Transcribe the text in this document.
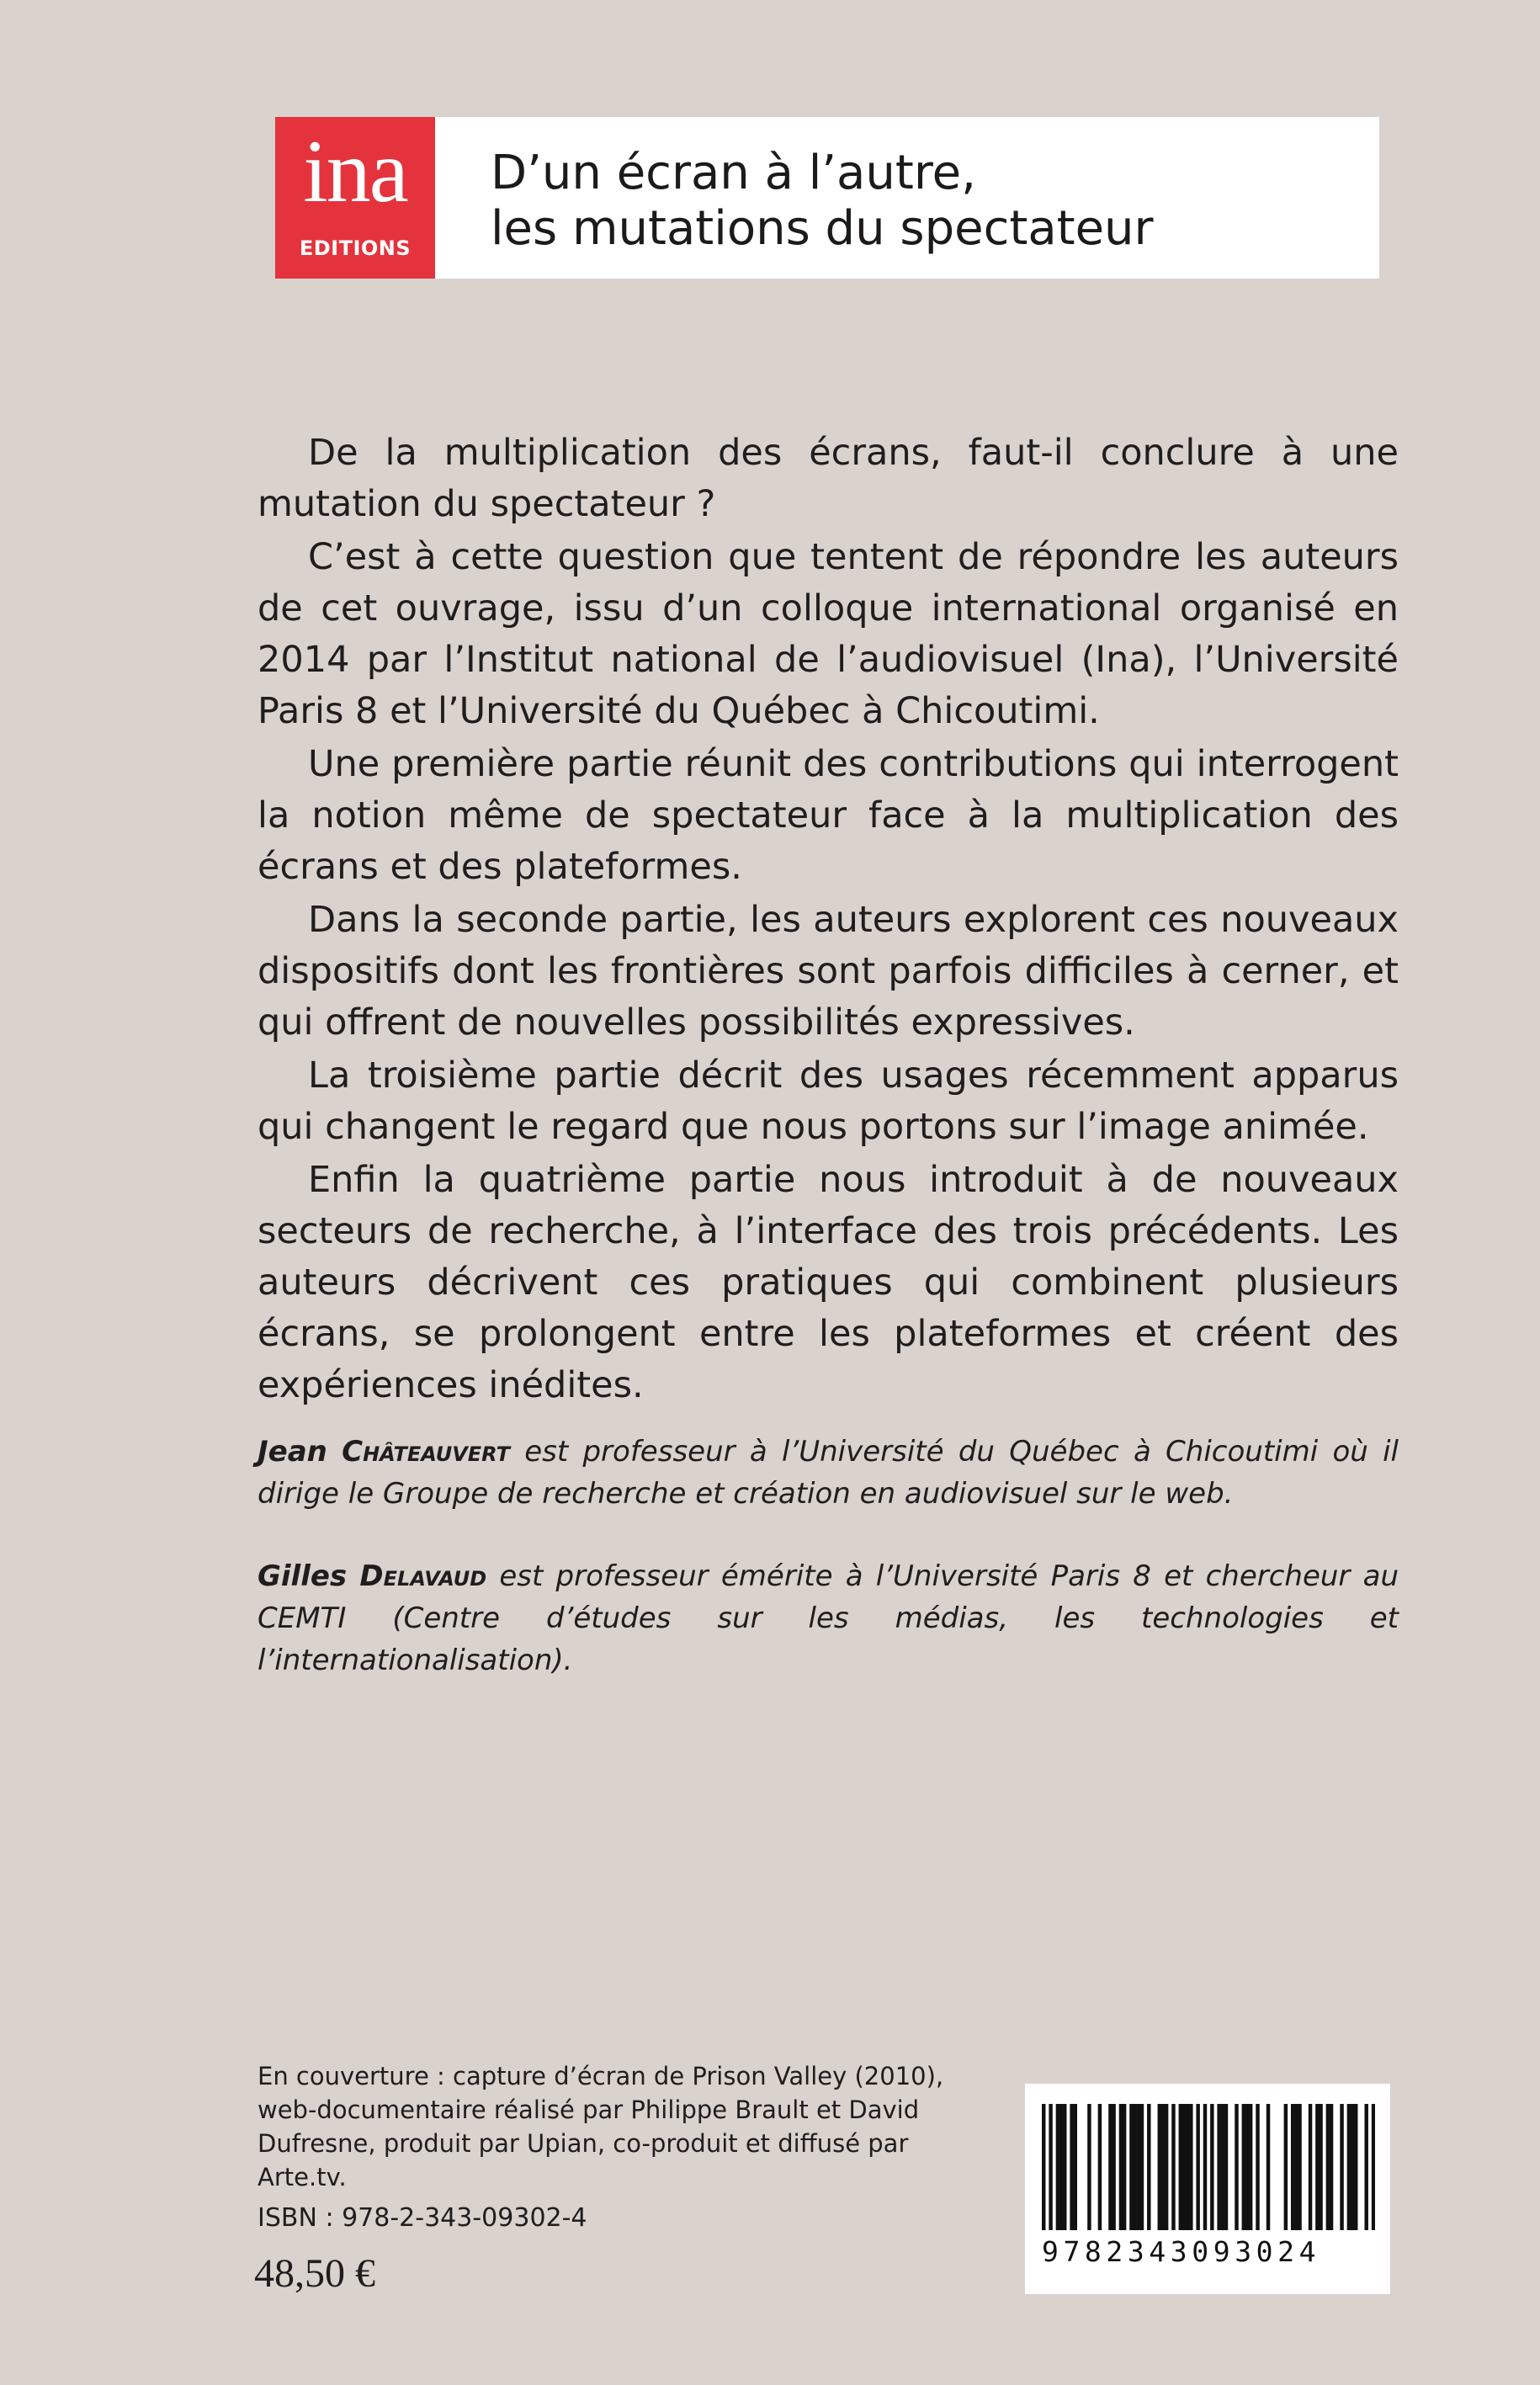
ina
EDITIONS
D’un écran à l’autre,
les mutations du spectateur

De la multiplication des écrans, faut-il conclure à une mutation du spectateur ?

C’est à cette question que tentent de répondre les auteurs de cet ouvrage, issu d’un colloque international organisé en 2014 par l’Institut national de l’audiovisuel (Ina), l’Université Paris 8 et l’Université du Québec à Chicoutimi.

Une première partie réunit des contributions qui interrogent la notion même de spectateur face à la multiplication des écrans et des plateformes.

Dans la seconde partie, les auteurs explorent ces nouveaux dispositifs dont les frontières sont parfois difficiles à cerner, et qui offrent de nouvelles possibilités expressives.

La troisième partie décrit des usages récemment apparus qui changent le regard que nous portons sur l’image animée.

Enfin la quatrième partie nous introduit à de nouveaux secteurs de recherche, à l’interface des trois précédents. Les auteurs décrivent ces pratiques qui combinent plusieurs écrans, se prolongent entre les plateformes et créent des expériences inédites.

Jean Châteauvert est professeur à l’Université du Québec à Chicoutimi où il dirige le Groupe de recherche et création en audiovisuel sur le web.

Gilles Delavaud est professeur émérite à l’Université Paris 8 et chercheur au CEMTI (Centre d’études sur les médias, les technologies et l’internationalisation).

En couverture : capture d’écran de Prison Valley (2010), web-documentaire réalisé par Philippe Brault et David Dufresne, produit par Upian, co-produit et diffusé par Arte.tv.
ISBN : 978-2-343-09302-4
48,50 €	9782343093024
